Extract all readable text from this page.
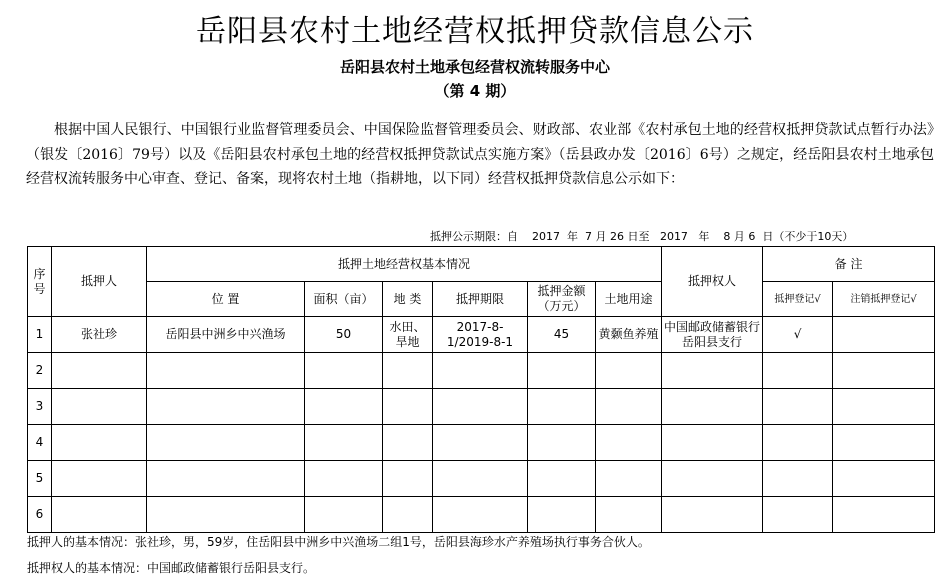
岳阳县农村土地经营权抵押贷款信息公示
岳阳县农村土地承包经营权流转服务中心
（第 4 期）
根据中国人民银行、中国银行业监督管理委员会、中国保险监督管理委员会、财政部、农业部《农村承包土地的经营权抵押贷款试点暂行办法》（银发〔2016〕79号）以及《岳阳县农村承包土地的经营权抵押贷款试点实施方案》（岳县政办发〔2016〕6号）之规定，经岳阳县农村土地承包经营权流转服务中心审查、登记、备案，现将农村土地（指耕地，以下同）经营权抵押贷款信息公示如下：
抵押公示期限：自    2017  年  7 月 26 日至   2017   年    8 月 6  日（不少于10天）
序号	抵押人	抵押土地经营权基本情况						抵押权人	备 注	
		位 置	面积（亩）	地 类	抵押期限	抵押金额（万元）	土地用途		抵押登记√	注销抵押登记√
1	张社珍	岳阳县中洲乡中兴渔场	50	水田、旱地	2017-8-1/2019-8-1	45	黄颡鱼养殖	中国邮政储蓄银行岳阳县支行	√	
2										
3										
4										
5										
6										
抵押人的基本情况：张社珍，男，59岁，住岳阳县中洲乡中兴渔场二组1号，岳阳县海珍水产养殖场执行事务合伙人。
抵押权人的基本情况：中国邮政储蓄银行岳阳县支行。
